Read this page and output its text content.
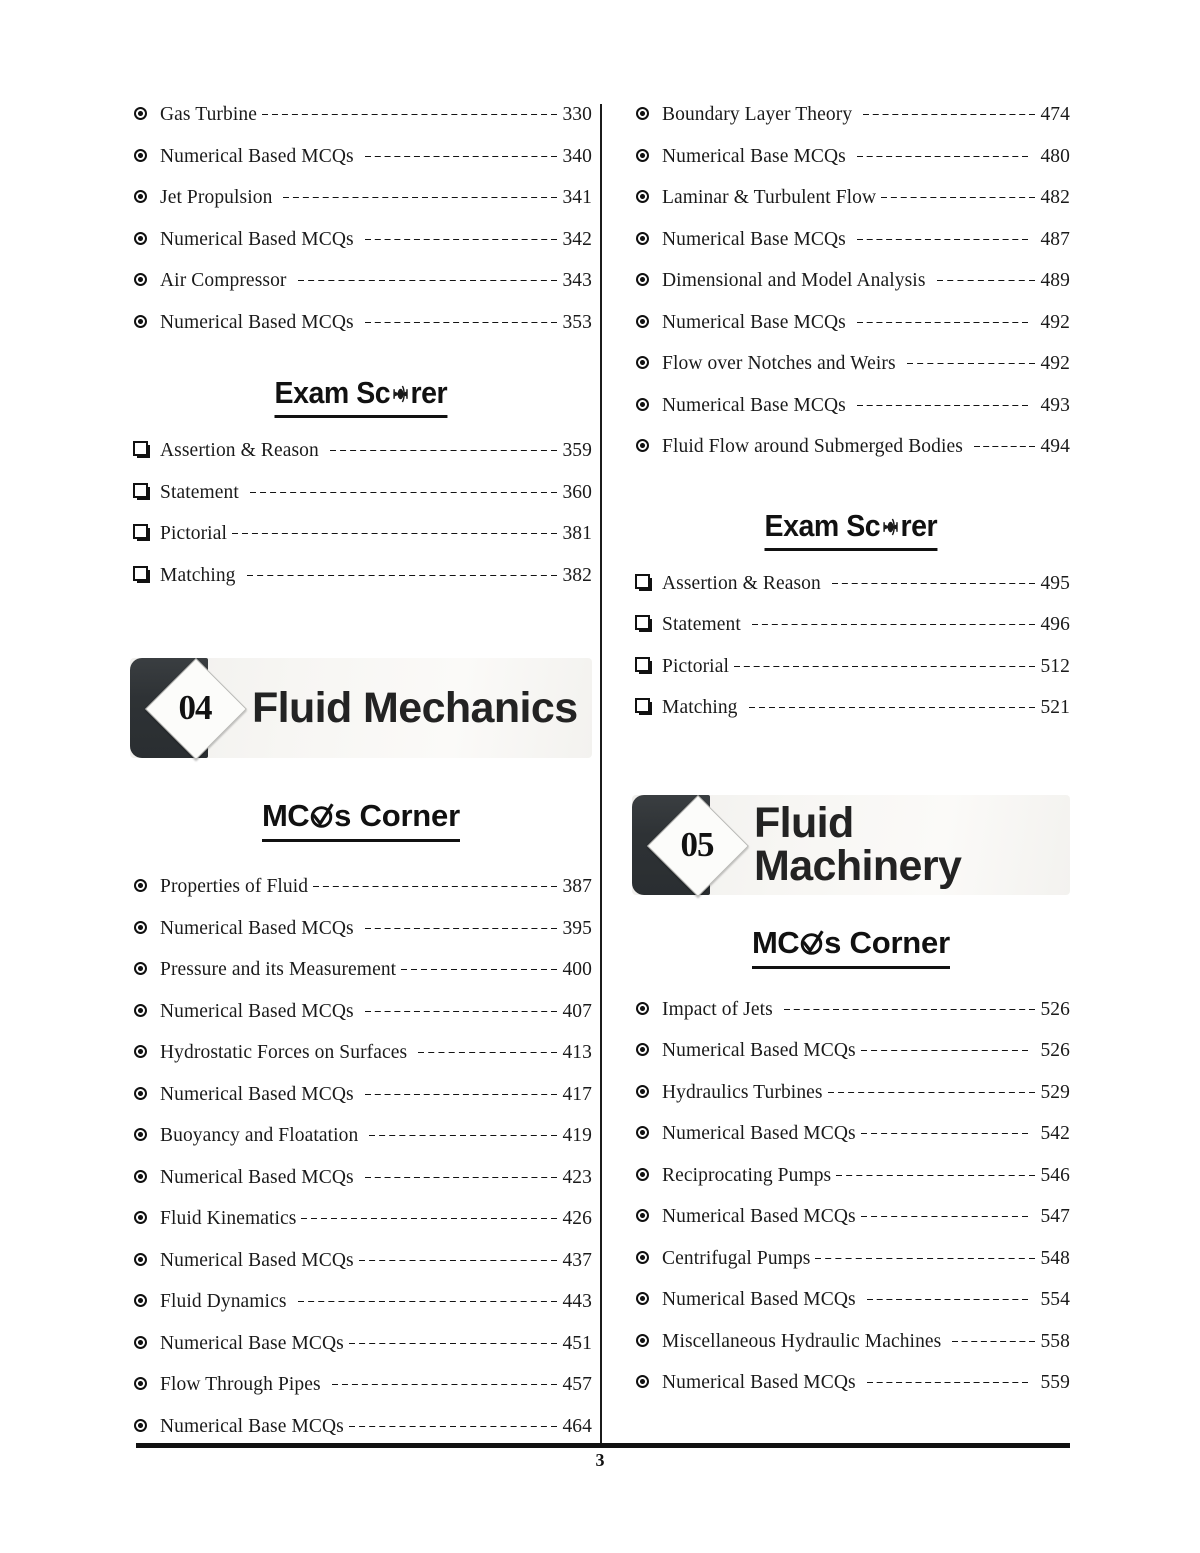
Gas Turbine	330
Numerical Based MCQs	340
Jet Propulsion	341
Numerical Based MCQs	342
Air Compressor	343
Numerical Based MCQs	353
Exam Sc rer
Assertion & Reason	359
Statement	360
Pictorial	381
Matching	382
04 Fluid Mechanics
MC s Corner
Properties of Fluid	387
Numerical Based MCQs	395
Pressure and its Measurement	400
Numerical Based MCQs	407
Hydrostatic Forces on Surfaces	413
Numerical Based MCQs	417
Buoyancy and Floatation	419
Numerical Based MCQs	423
Fluid Kinematics	426
Numerical Based MCQs	437
Fluid Dynamics	443
Numerical Base MCQs	451
Flow Through Pipes	457
Numerical Base MCQs	464
Boundary Layer Theory	474
Numerical Base MCQs	480
Laminar & Turbulent Flow	482
Numerical Base MCQs	487
Dimensional and Model Analysis	489
Numerical Base MCQs	492
Flow over Notches and Weirs	492
Numerical Base MCQs	493
Fluid Flow around Submerged Bodies	494
Exam Sc rer
Assertion & Reason	495
Statement	496
Pictorial	512
Matching	521
05 Fluid Machinery
MC s Corner
Impact of Jets	526
Numerical Based MCQs	526
Hydraulics Turbines	529
Numerical Based MCQs	542
Reciprocating Pumps	546
Numerical Based MCQs	547
Centrifugal Pumps	548
Numerical Based MCQs	554
Miscellaneous Hydraulic Machines	558
Numerical Based MCQs	559
3
